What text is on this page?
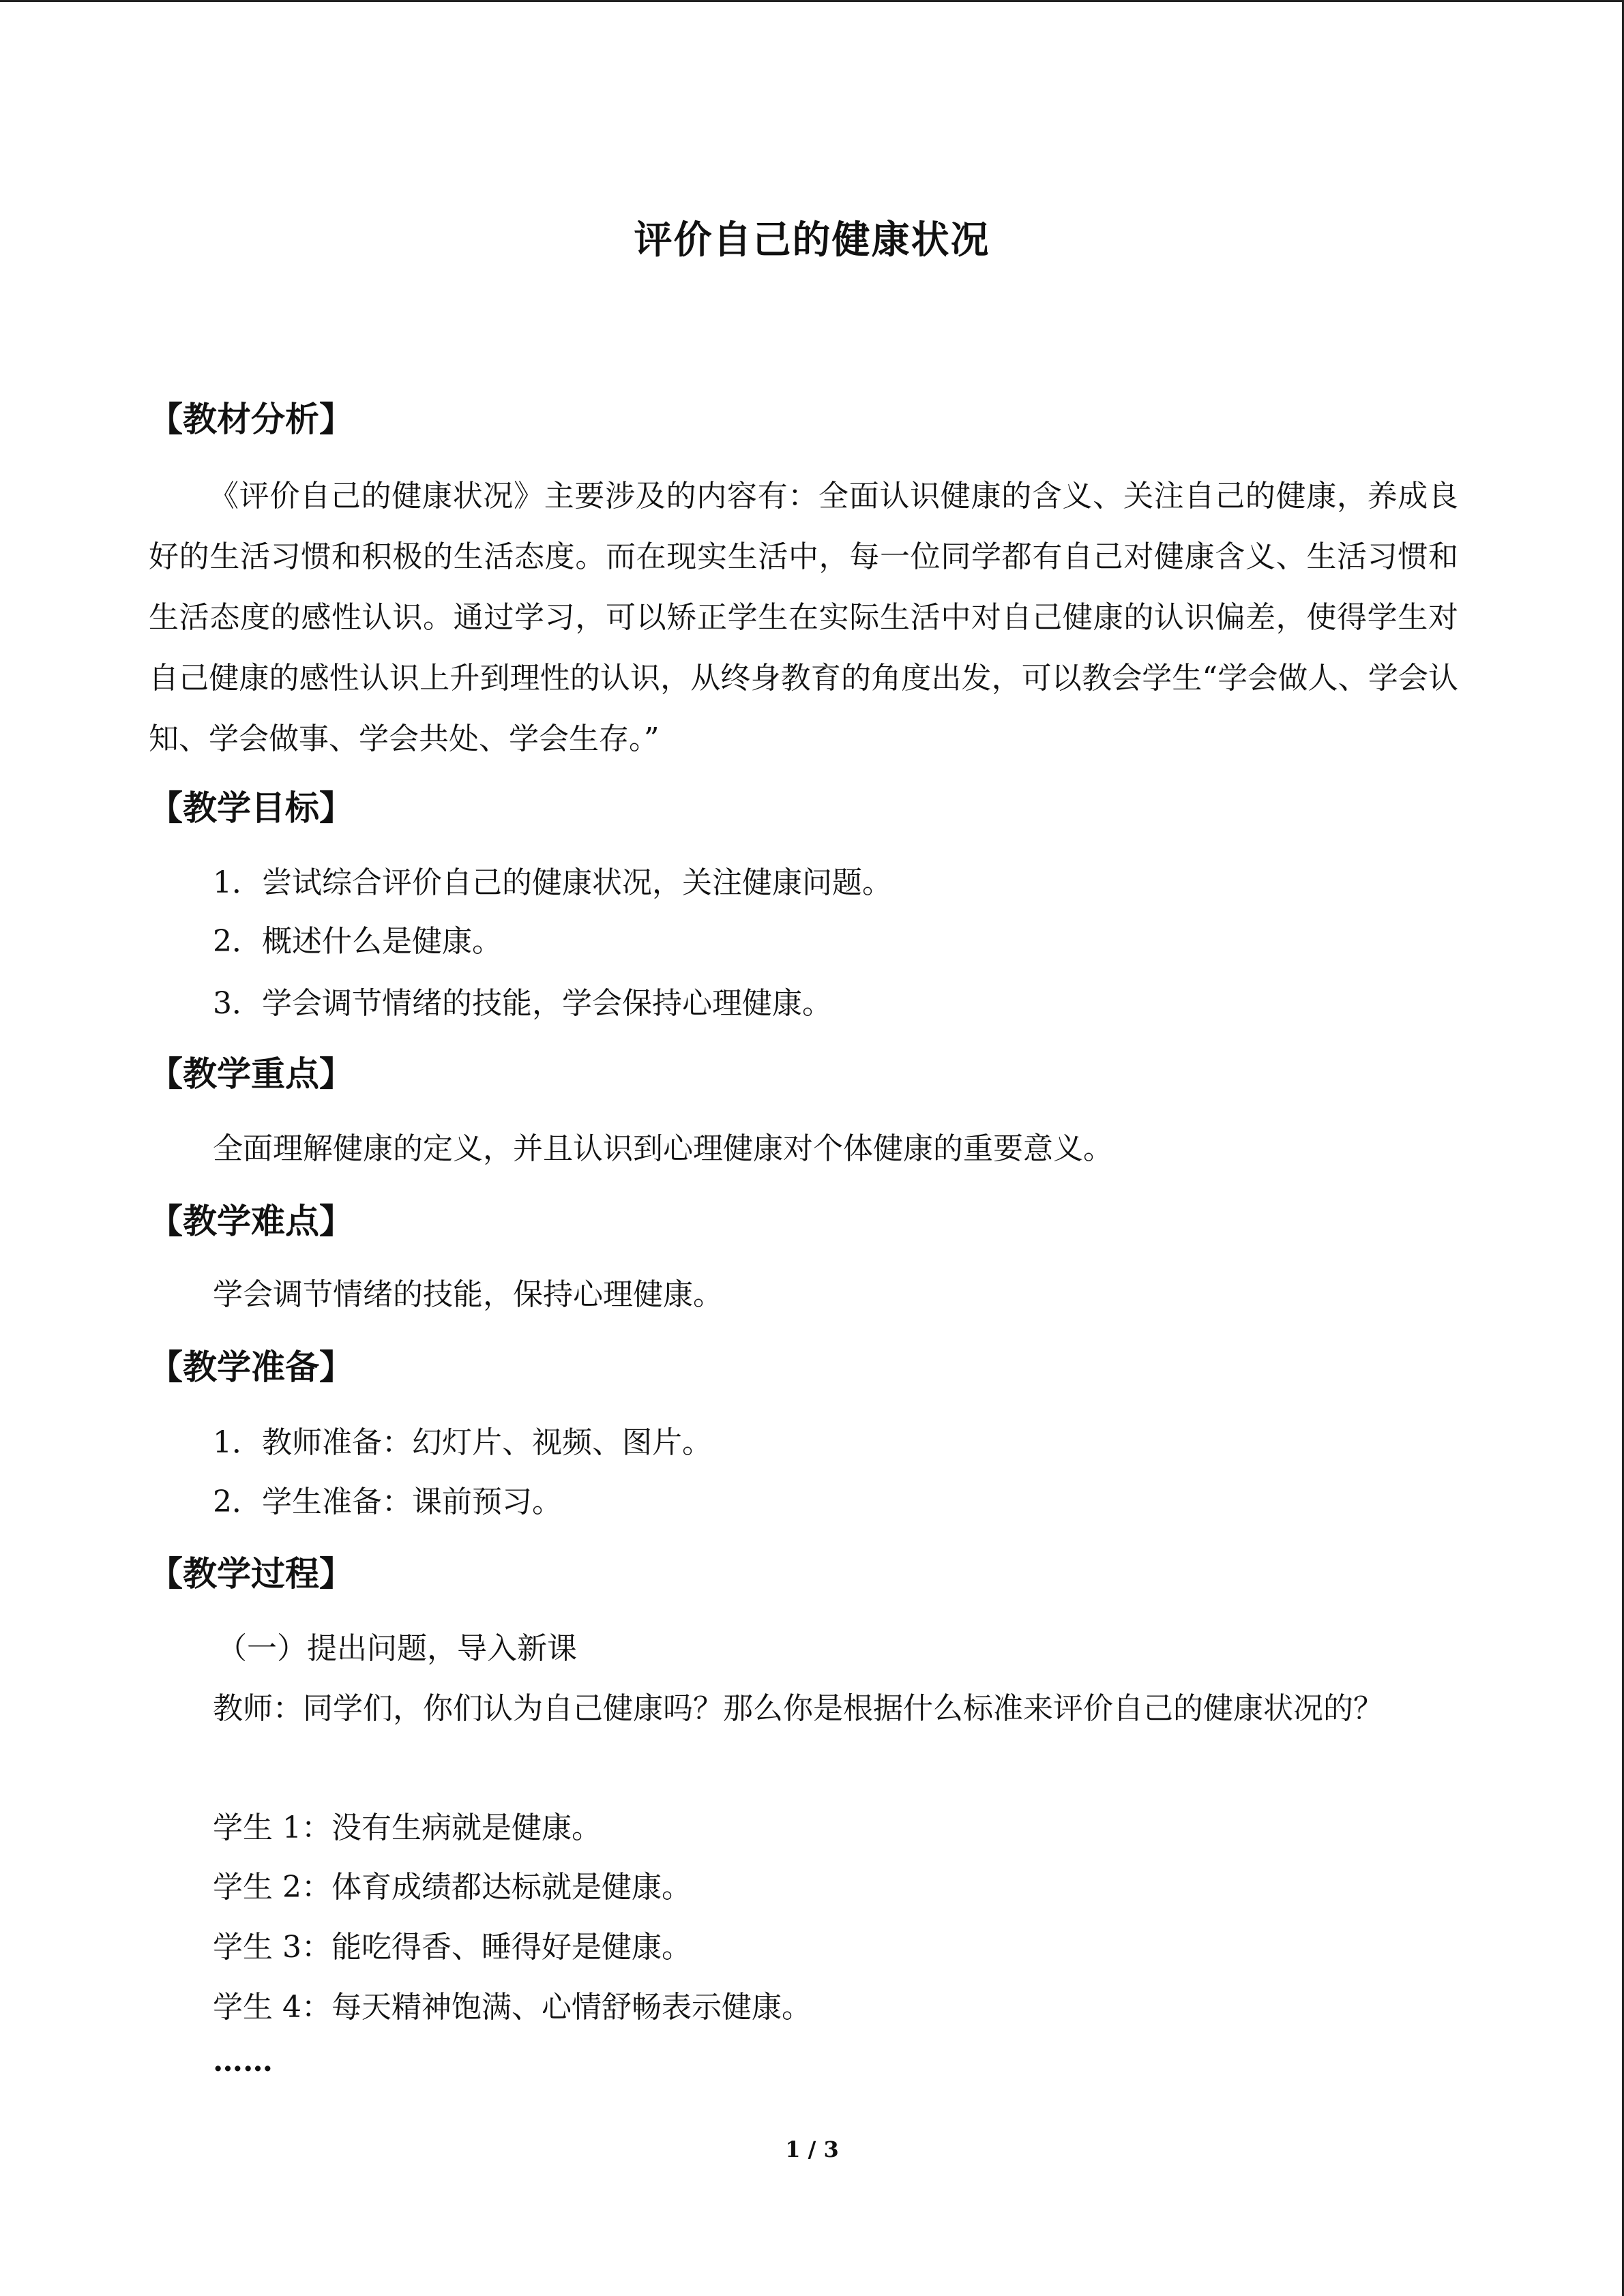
评价自己的健康状况
【教材分析】
《评价自己的健康状况》主要涉及的内容有：全面认识健康的含义、关注自己的健康，养成良好的生活习惯和积极的生活态度。而在现实生活中，每一位同学都有自己对健康含义、生活习惯和生活态度的感性认识。通过学习，可以矫正学生在实际生活中对自己健康的认识偏差，使得学生对自己健康的感性认识上升到理性的认识，从终身教育的角度出发，可以教会学生“学会做人、学会认知、学会做事、学会共处、学会生存。”
【教学目标】
1．尝试综合评价自己的健康状况，关注健康问题。
2．概述什么是健康。
3．学会调节情绪的技能，学会保持心理健康。
【教学重点】
全面理解健康的定义，并且认识到心理健康对个体健康的重要意义。
【教学难点】
学会调节情绪的技能，保持心理健康。
【教学准备】
1．教师准备：幻灯片、视频、图片。
2．学生准备：课前预习。
【教学过程】
（一）提出问题，导入新课
教师：同学们，你们认为自己健康吗？那么你是根据什么标准来评价自己的健康状况的？
学生 1：没有生病就是健康。
学生 2：体育成绩都达标就是健康。
学生 3：能吃得香、睡得好是健康。
学生 4：每天精神饱满、心情舒畅表示健康。
……
1 / 3
